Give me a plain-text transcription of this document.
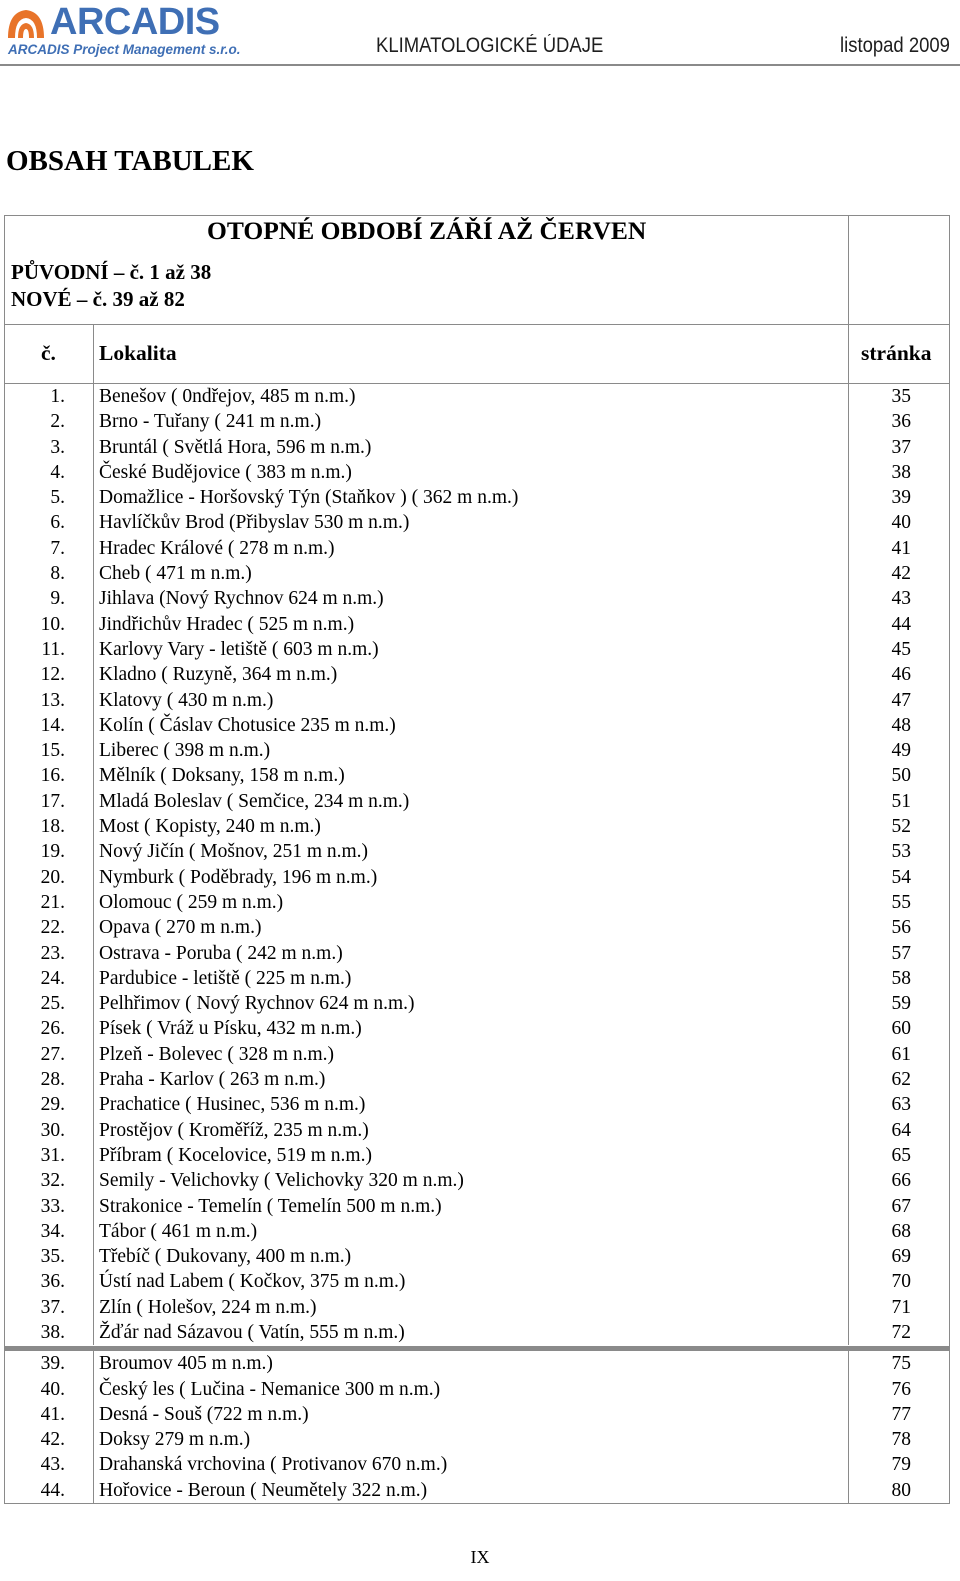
ARCADIS
ARCADIS Project Management s.r.o.	KLIMATOLOGICKÉ ÚDAJE	listopad 2009
OBSAH TABULEK
OTOPNÉ OBDOBÍ ZÁŘÍ AŽ ČERVEN
PŮVODNÍ – č. 1 až 38
NOVÉ – č. 39 až 82
č. Lokalita	stránka
1. Benešov ( 0ndřejov, 485 m n.m.)	35
2. Brno - Tuřany ( 241 m n.m.)	36
3. Bruntál ( Světlá Hora, 596 m n.m.)	37
4. České Budějovice ( 383 m n.m.)	38
5. Domažlice - Horšovský Týn (Staňkov ) ( 362 m n.m.)	39
6. Havlíčkův Brod (Přibyslav 530 m n.m.)	40
7. Hradec Králové ( 278 m n.m.)	41
8. Cheb ( 471 m n.m.)	42
9. Jihlava (Nový Rychnov 624 m n.m.)	43
10. Jindřichův Hradec ( 525 m n.m.)	44
11. Karlovy Vary - letiště ( 603 m n.m.)	45
12. Kladno ( Ruzyně, 364 m n.m.)	46
13. Klatovy ( 430 m n.m.)	47
14. Kolín ( Čáslav Chotusice 235 m n.m.)	48
15. Liberec ( 398 m n.m.)	49
16. Mělník ( Doksany, 158 m n.m.)	50
17. Mladá Boleslav ( Semčice, 234 m n.m.)	51
18. Most ( Kopisty, 240 m n.m.)	52
19. Nový Jičín ( Mošnov, 251 m n.m.)	53
20. Nymburk ( Poděbrady, 196 m n.m.)	54
21. Olomouc ( 259 m n.m.)	55
22. Opava ( 270 m n.m.)	56
23. Ostrava - Poruba ( 242 m n.m.)	57
24. Pardubice - letiště ( 225 m n.m.)	58
25. Pelhřimov ( Nový Rychnov 624 m n.m.)	59
26. Písek ( Vráž u Písku, 432 m n.m.)	60
27. Plzeň - Bolevec ( 328 m n.m.)	61
28. Praha - Karlov ( 263 m n.m.)	62
29. Prachatice ( Husinec, 536 m n.m.)	63
30. Prostějov ( Kroměříž, 235 m n.m.)	64
31. Příbram ( Kocelovice, 519 m n.m.)	65
32. Semily - Velichovky ( Velichovky 320 m n.m.)	66
33. Strakonice - Temelín ( Temelín 500 m n.m.)	67
34. Tábor ( 461 m n.m.)	68
35. Třebíč ( Dukovany, 400 m n.m.)	69
36. Ústí nad Labem ( Kočkov, 375 m n.m.)	70
37. Zlín ( Holešov, 224 m n.m.)	71
38. Žďár nad Sázavou ( Vatín, 555 m n.m.)	72
39. Broumov 405 m n.m.)	75
40. Český les ( Lučina - Nemanice 300 m n.m.)	76
41. Desná - Souš (722 m n.m.)	77
42. Doksy 279 m n.m.)	78
43. Drahanská vrchovina ( Protivanov 670 n.m.)	79
44. Hořovice - Beroun ( Neumětely 322 n.m.)	80
IX
